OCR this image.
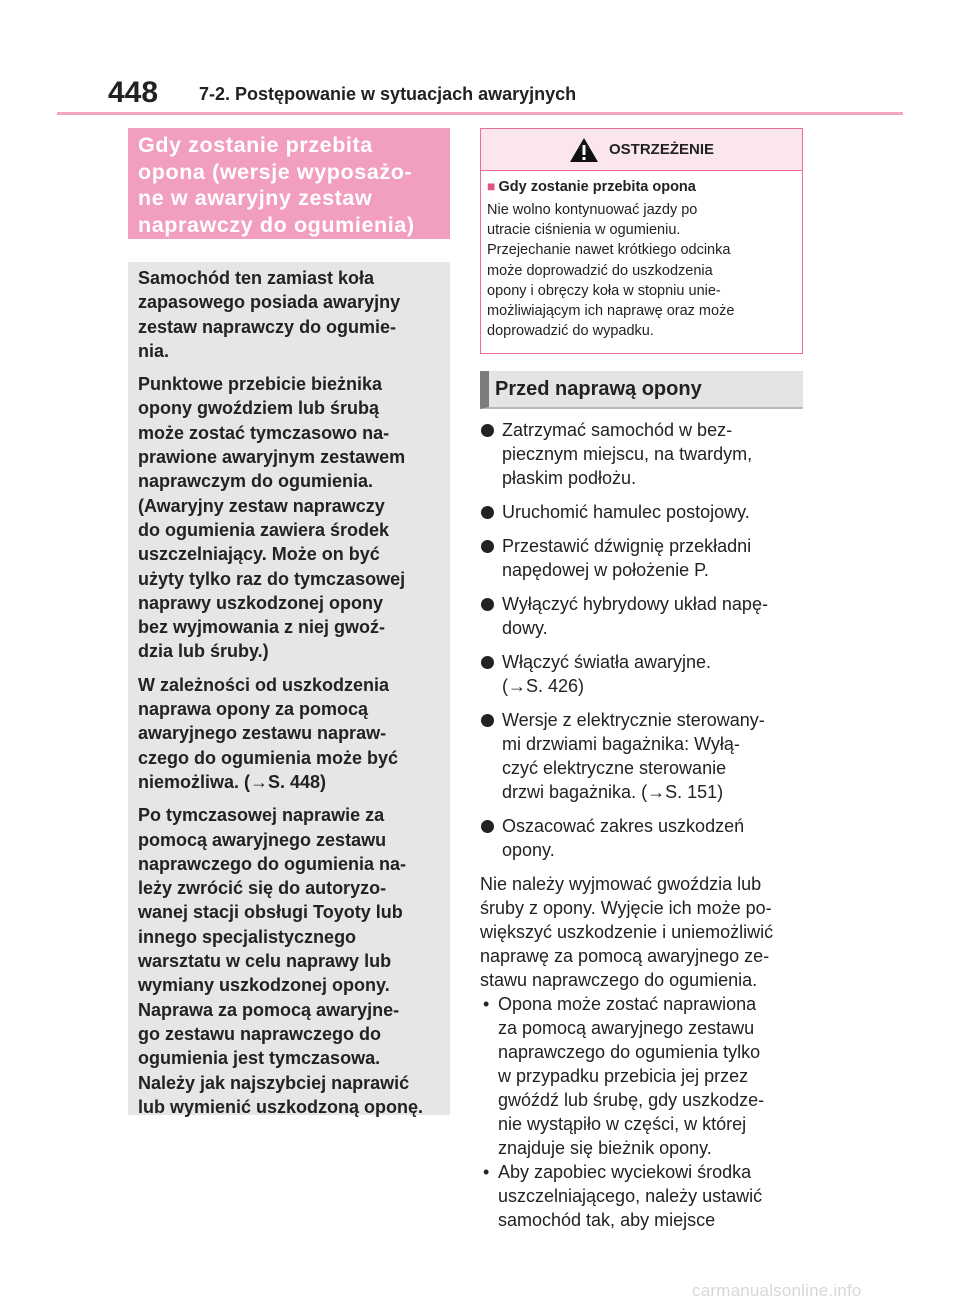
448 7-2. Postępowanie w sytuacjach awaryjnych
Gdy zostanie przebita
opona (wersje wyposażo-
ne w awaryjny zestaw
naprawczy do ogumienia)

Samochód ten zamiast koła
zapasowego posiada awaryjny
zestaw naprawczy do ogumie-
nia.

Punktowe przebicie bieżnika
opony gwoździem lub śrubą
może zostać tymczasowo na-
prawione awaryjnym zestawem
naprawczym do ogumienia.
(Awaryjny zestaw naprawczy
do ogumienia zawiera środek
uszczelniający. Może on być
użyty tylko raz do tymczasowej
naprawy uszkodzonej opony
bez wyjmowania z niej gwoź-
dzia lub śruby.)

W zależności od uszkodzenia
naprawa opony za pomocą
awaryjnego zestawu napraw-
czego do ogumienia może być
niemożliwa. (→S. 448)

Po tymczasowej naprawie za
pomocą awaryjnego zestawu
naprawczego do ogumienia na-
leży zwrócić się do autoryzo-
wanej stacji obsługi Toyoty lub
innego specjalistycznego
warsztatu w celu naprawy lub
wymiany uszkodzonej opony.
Naprawa za pomocą awaryjne-
go zestawu naprawczego do
ogumienia jest tymczasowa.
Należy jak najszybciej naprawić
lub wymienić uszkodzoną oponę.

OSTRZEŻENIE
■ Gdy zostanie przebita opona
Nie wolno kontynuować jazdy po
utracie ciśnienia w ogumieniu.
Przejechanie nawet krótkiego odcinka
może doprowadzić do uszkodzenia
opony i obręczy koła w stopniu unie-
możliwiającym ich naprawę oraz może
doprowadzić do wypadku.
Przed naprawą opony
Zatrzymać samochód w bez-
piecznym miejscu, na twardym,
płaskim podłożu.
Uruchomić hamulec postojowy.
Przestawić dźwignię przekładni
napędowej w położenie P.
Wyłączyć hybrydowy układ napę-
dowy.
Włączyć światła awaryjne.
(→S. 426)
Wersje z elektrycznie sterowany-
mi drzwiami bagażnika: Wyłą-
czyć elektryczne sterowanie
drzwi bagażnika. (→S. 151)
Oszacować zakres uszkodzeń
opony.
Nie należy wyjmować gwoździa lub
śruby z opony. Wyjęcie ich może po-
większyć uszkodzenie i uniemożliwić
naprawę za pomocą awaryjnego ze-
stawu naprawczego do ogumienia.
• Opona może zostać naprawiona
za pomocą awaryjnego zestawu
naprawczego do ogumienia tylko
w przypadku przebicia jej przez
gwóźdź lub śrubę, gdy uszkodze-
nie wystąpiło w części, w której
znajduje się bieżnik opony.
• Aby zapobiec wyciekowi środka
uszczelniającego, należy ustawić
samochód tak, aby miejsce
carmanualsonline.info
